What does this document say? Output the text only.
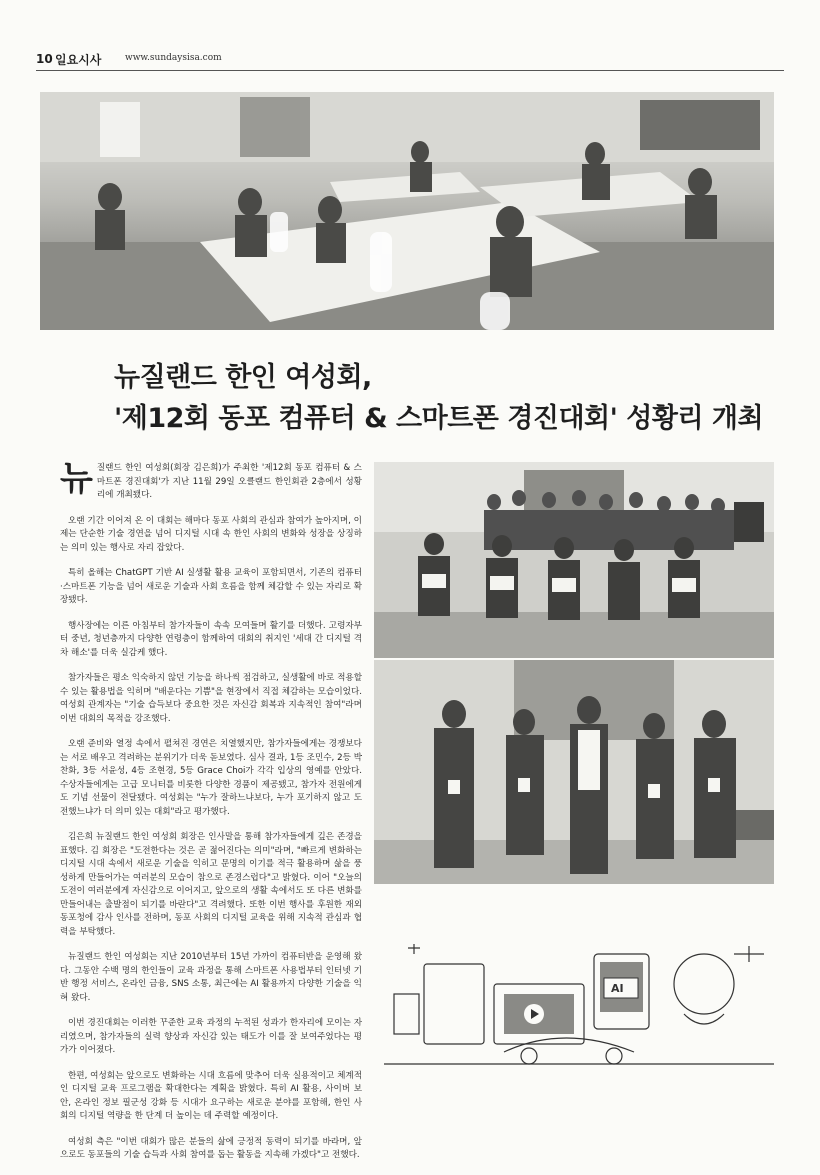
10 일요시사	www.sundaysisa.com
뉴질랜드 한인 여성회,
'제12회 동포 컴퓨터 & 스마트폰 경진대회' 성황리 개최

뉴질랜드 한인 여성회(회장 김은희)가 주최한 '제12회 동포 컴퓨터 & 스마트폰 경진대회'가 지난 11월 29일 오클랜드 한인회관 2층에서 성황리에 개최됐다.

오랜 기간 이어져 온 이 대회는 해마다 동포 사회의 관심과 참여가 높아지며, 이제는 단순한 기술 경연을 넘어 디지털 시대 속 한인 사회의 변화와 성장을 상징하는 의미 있는 행사로 자리 잡았다.

특히 올해는 ChatGPT 기반 AI 실생활 활용 교육이 포함되면서, 기존의 컴퓨터·스마트폰 기능을 넘어 새로운 기술과 사회 흐름을 함께 체감할 수 있는 자리로 확장됐다.

행사장에는 이른 아침부터 참가자들이 속속 모여들며 활기를 더했다. 고령자부터 중년, 청년층까지 다양한 연령층이 함께하여 대회의 취지인 '세대 간 디지털 격차 해소'를 더욱 실감케 했다.

참가자들은 평소 익숙하지 않던 기능을 하나씩 점검하고, 실생활에 바로 적용할 수 있는 활용법을 익히며 "배운다는 기쁨"을 현장에서 직접 체감하는 모습이었다. 여성회 관계자는 "기술 습득보다 중요한 것은 자신감 회복과 지속적인 참여"라며 이번 대회의 목적을 강조했다.

오랜 준비와 열정 속에서 펼쳐진 경연은 치열했지만, 참가자들에게는 경쟁보다는 서로 배우고 격려하는 분위기가 더욱 돋보였다. 심사 결과, 1등 조민수, 2등 박찬화, 3등 서윤성, 4등 조현경, 5등 Grace Choi가 각각 입상의 영예를 안았다. 수상자들에게는 고급 모니터를 비롯한 다양한 경품이 제공됐고, 참가자 전원에게도 기념 선물이 전달됐다. 여성회는 "누가 잘하느냐보다, 누가 포기하지 않고 도전했느냐가 더 의미 있는 대회"라고 평가했다.

김은희 뉴질랜드 한인 여성회 회장은 인사말을 통해 참가자들에게 깊은 존경을 표했다. 김 회장은 "도전한다는 것은 곧 젊어진다는 의미"라며, "빠르게 변화하는 디지털 시대 속에서 새로운 기술을 익히고 문명의 이기를 적극 활용하며 삶을 풍성하게 만들어가는 여러분의 모습이 참으로 존경스럽다"고 밝혔다. 이어 "오늘의 도전이 여러분에게 자신감으로 이어지고, 앞으로의 생활 속에서도 또 다른 변화를 만들어내는 출발점이 되기를 바란다"고 격려했다. 또한 이번 행사를 후원한 재외동포청에 감사 인사를 전하며, 동포 사회의 디지털 교육을 위해 지속적 관심과 협력을 부탁했다.

뉴질랜드 한인 여성회는 지난 2010년부터 15년 가까이 컴퓨터반을 운영해 왔다. 그동안 수백 명의 한인들이 교육 과정을 통해 스마트폰 사용법부터 인터넷 기반 행정 서비스, 온라인 금융, SNS 소통, 최근에는 AI 활용까지 다양한 기술을 익혀 왔다.

이번 경진대회는 이러한 꾸준한 교육 과정의 누적된 성과가 한자리에 모이는 자리였으며, 참가자들의 실력 향상과 자신감 있는 태도가 이를 잘 보여주었다는 평가가 이어졌다.

한편, 여성회는 앞으로도 변화하는 시대 흐름에 맞추어 더욱 실용적이고 체계적인 디지털 교육 프로그램을 확대한다는 계획을 밝혔다. 특히 AI 활용, 사이버 보안, 온라인 정보 필군성 강화 등 시대가 요구하는 새로운 분야를 포함해, 한인 사회의 디지털 역량을 한 단계 더 높이는 데 주력할 예정이다.

여성회 측은 "이번 대회가 많은 분들의 삶에 긍정적 동력이 되기를 바라며, 앞으로도 동포들의 기술 습득과 사회 참여를 돕는 활동을 지속해 가겠다"고 전했다.

AI
